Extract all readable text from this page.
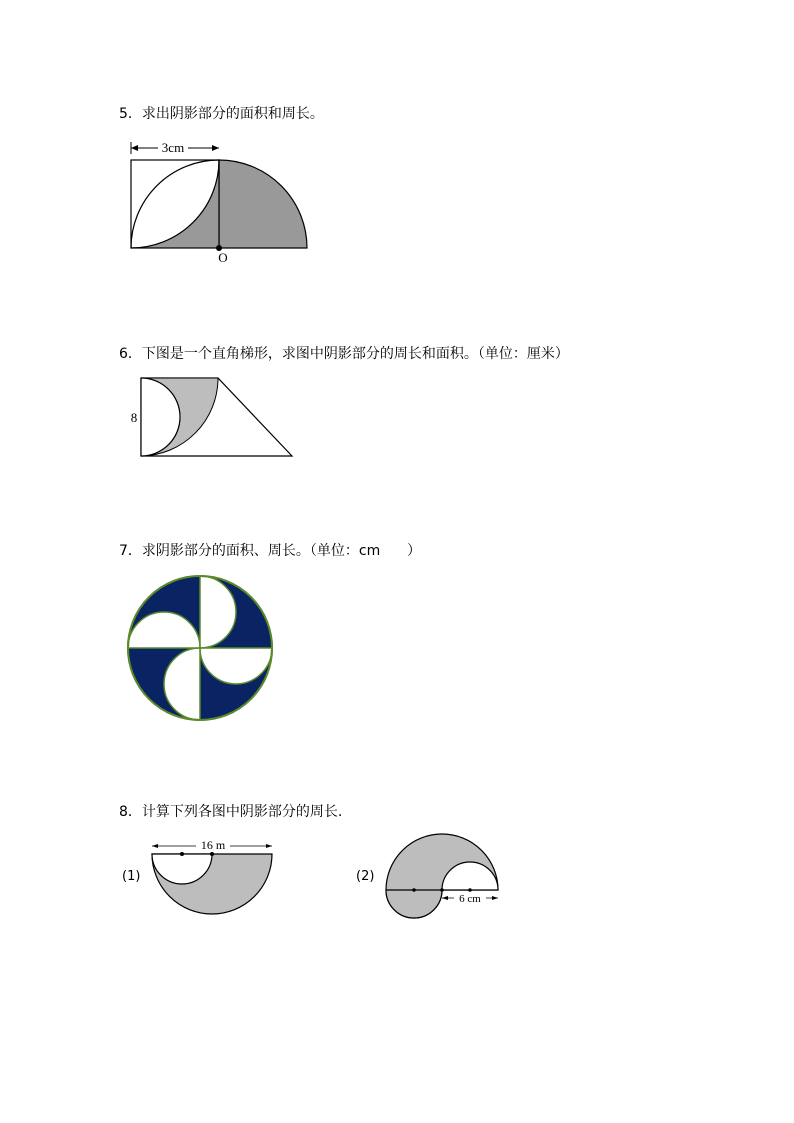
5．求出阴影部分的面积和周长。
3cm
O
6．下图是一个直角梯形，求图中阴影部分的周长和面积。（单位：厘米）
8
7．求阴影部分的面积、周长。（单位：cm      ）
2cm
8．计算下列各图中阴影部分的周长.
(1)
16 m
(2)
6 cm
